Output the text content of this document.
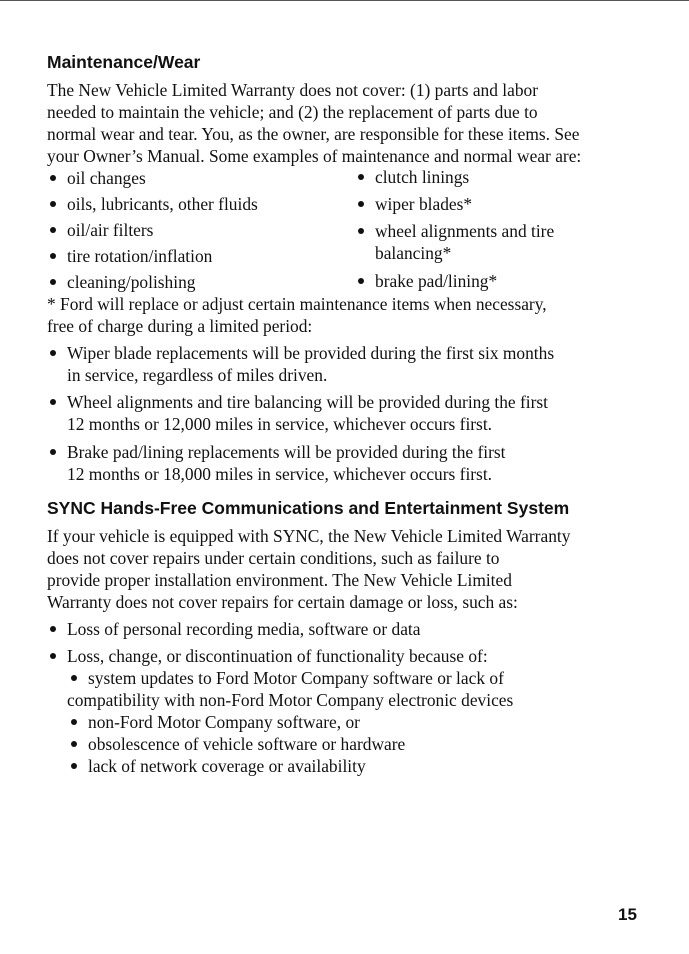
Maintenance/Wear

The New Vehicle Limited Warranty does not cover: (1) parts and labor
needed to maintain the vehicle; and (2) the replacement of parts due to
normal wear and tear. You, as the owner, are responsible for these items. See
your Owner’s Manual. Some examples of maintenance and normal wear are:

oil changes
oils, lubricants, other fluids
oil/air filters
tire rotation/inflation
cleaning/polishing
clutch linings
wiper blades*
wheel alignments and tire
balancing*
brake pad/lining*

* Ford will replace or adjust certain maintenance items when necessary,
free of charge during a limited period:

Wiper blade replacements will be provided during the first six months
in service, regardless of miles driven.
Wheel alignments and tire balancing will be provided during the first
12 months or 12,000 miles in service, whichever occurs first.
Brake pad/lining replacements will be provided during the first
12 months or 18,000 miles in service, whichever occurs first.
SYNC Hands-Free Communications and Entertainment System

If your vehicle is equipped with SYNC, the New Vehicle Limited Warranty
does not cover repairs under certain conditions, such as failure to
provide proper installation environment. The New Vehicle Limited
Warranty does not cover repairs for certain damage or loss, such as:

Loss of personal recording media, software or data
Loss, change, or discontinuation of functionality because of:
system updates to Ford Motor Company software or lack of
compatibility with non-Ford Motor Company electronic devices
non-Ford Motor Company software, or
obsolescence of vehicle software or hardware
lack of network coverage or availability
15
